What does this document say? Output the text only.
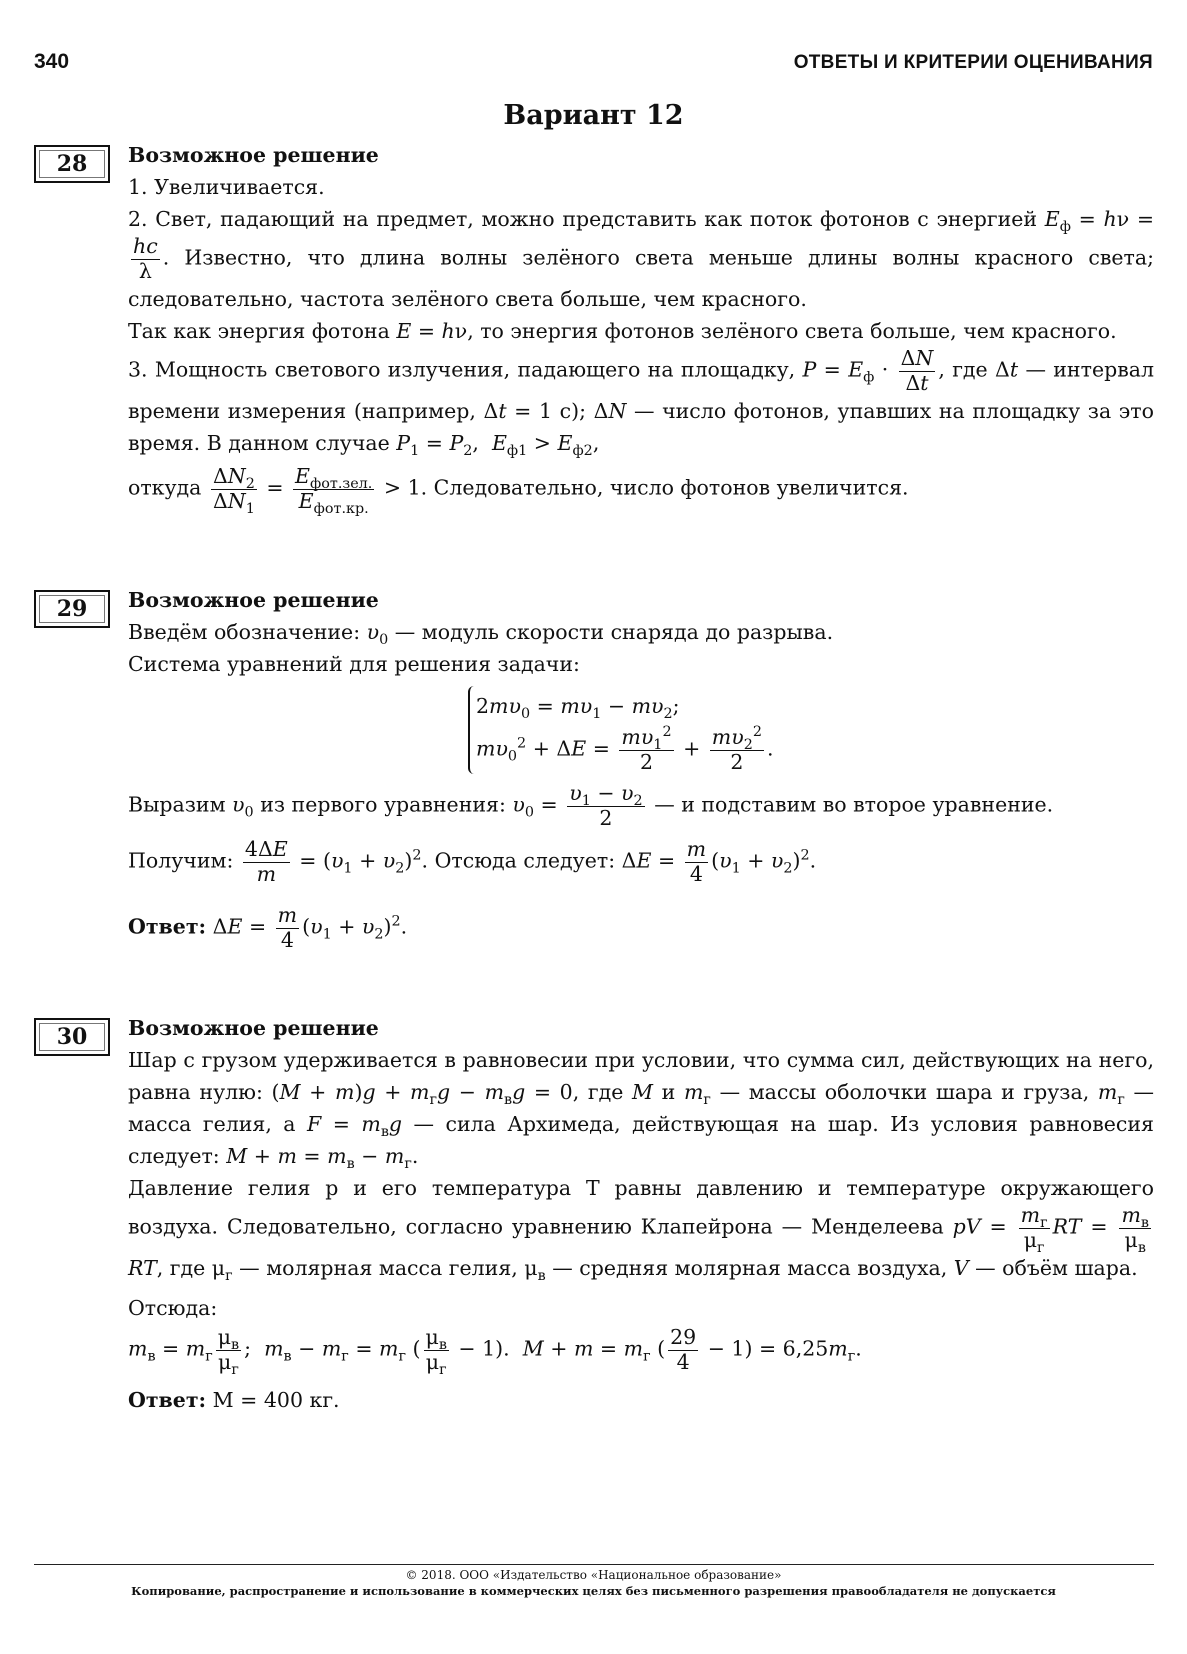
340	ОТВЕТЫ И КРИТЕРИИ ОЦЕНИВАНИЯ
Вариант 12
28	Возможное решение

1. Увеличивается.

2. Свет, падающий на предмет, можно представить как поток фотонов с энергией $E_ф = h\nu$ =
$\frac{hc}{\lambda}$ . Известно, что длина волны зелёного света меньше длины волны красного света; следовательно, частота зелёного света больше, чем красного.

Так как энергия фотона E = hν, то энергия фотонов зелёного света больше, чем красного.

3. Мощность светового излучения, падающего на площадку, $P = E_ф \cdot \frac{\Delta N}{\Delta t}$ , где Δt — интервал времени измерения (например, Δt = 1 с); ΔN — число фотонов, упавших на площадку за это время. В данном случае $P_1 = P_2$,  $E_{ф1} > E_{ф2}$,

откуда $\frac{\Delta N_2}{\Delta N_1} = \frac{E_{фот.зел.}}{E_{фот.кр.}} > 1$. Следовательно, число фотонов увеличится.

29	Возможное решение

Введём обозначение: $\upsilon_0$ — модуль скорости снаряда до разрыва.

Система уравнений для решения задачи:

$2m\upsilon_0 = m\upsilon_1 - m\upsilon_2$;
$m\upsilon_0^2 + \Delta E = \frac{m\upsilon_1^2}{2} + \frac{m\upsilon_2^2}{2}$ .

Выразим $\upsilon_0$ из первого уравнения: $\upsilon_0 = \frac{\upsilon_1 - \upsilon_2}{2}$ — и подставим во второе уравнение.

Получим: $\frac{4\Delta E}{m} = (\upsilon_1 + \upsilon_2)^2$. Отсюда следует: $\Delta E = \frac{m}{4} (\upsilon_1 + \upsilon_2)^2$.

Ответ: $\Delta E = \frac{m}{4} (\upsilon_1 + \upsilon_2)^2$.

30	Возможное решение

Шар с грузом удерживается в равновесии при условии, что сумма сил, действующих на него, равна нулю: $(M + m)g + m_гg - m_вg = 0$, где M и $m_г$ — массы оболочки шара и груза, $m_г$ — масса гелия, а $F = m_вg$ — сила Архимеда, действующая на шар. Из условия равновесия следует: $M + m = m_в - m_г$.

Давление гелия p и его температура T равны давлению и температуре окружающего воздуха. Следовательно, согласно уравнению Клапейрона — Менделеева pV = $\frac{m_г}{\mu_г}$ RT = $\frac{m_в}{\mu_в}$
RT, где $\mu_г$ — молярная масса гелия, $\mu_в$ — средняя молярная масса воздуха, V — объём шара.

Отсюда:

$m_в = m_г \frac{\mu_в}{\mu_г}$ ;  $m_в - m_г = m_г$ ( $\frac{\mu_в}{\mu_г} - 1$).  $M + m = m_г$ ( $\frac{29}{4} - 1) = 6,25m_г$.

Ответ: M = 400 кг.

© 2018. ООО «Издательство «Национальное образование»
Копирование, распространение и использование в коммерческих целях без письменного разрешения правообладателя не допускается
